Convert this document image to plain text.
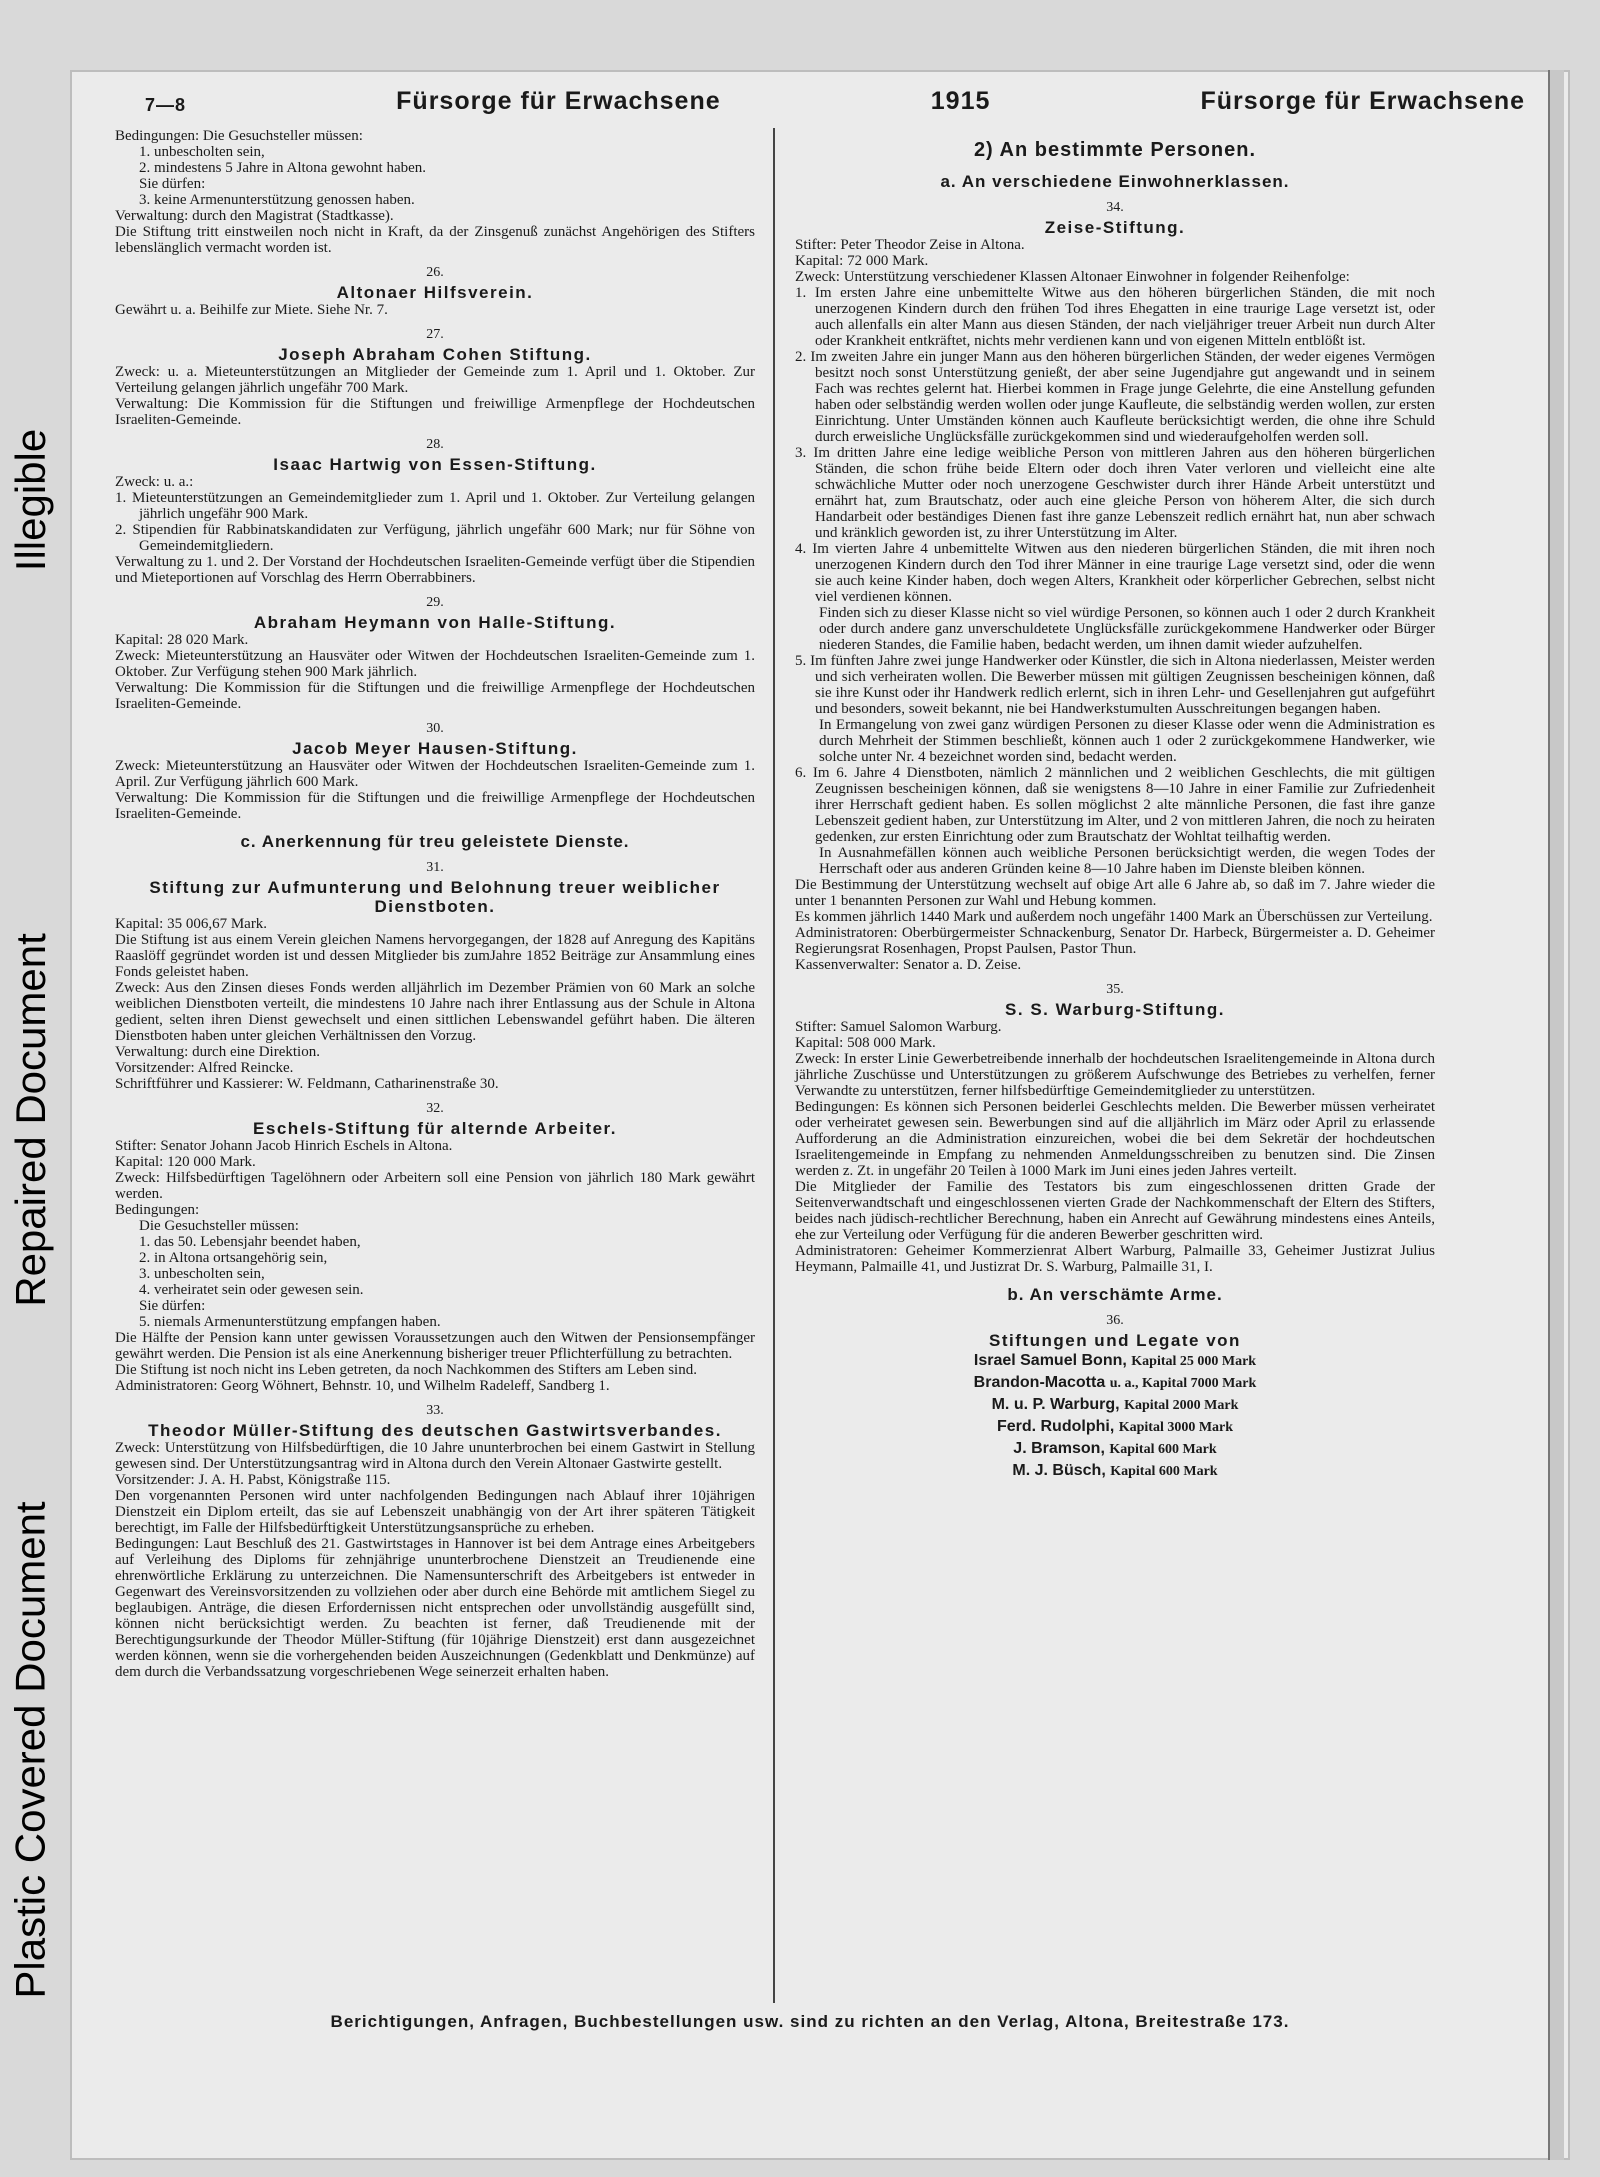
Plastic Covered Document
Repaired Document
Illegible
7—8	Fürsorge für Erwachsene	1915	Fürsorge für Erwachsene
Bedingungen: Die Gesuchsteller müssen:
1. unbescholten sein,
2. mindestens 5 Jahre in Altona gewohnt haben.
Sie dürfen:
3. keine Armenunterstützung genossen haben.
Verwaltung: durch den Magistrat (Stadtkasse).
Die Stiftung tritt einstweilen noch nicht in Kraft, da der Zinsgenuß zunächst Angehörigen des Stifters lebenslänglich vermacht worden ist.
26.
Altonaer Hilfsverein.
Gewährt u. a. Beihilfe zur Miete. Siehe Nr. 7.
27.
Joseph Abraham Cohen Stiftung.
Zweck: u. a. Mieteunterstützungen an Mitglieder der Gemeinde zum 1. April und 1. Oktober. Zur Verteilung gelangen jährlich ungefähr 700 Mark.
Verwaltung: Die Kommission für die Stiftungen und freiwillige Armenpflege der Hochdeutschen Israeliten-Gemeinde.
28.
Isaac Hartwig von Essen-Stiftung.
Zweck: u. a.:
1. Mieteunterstützungen an Gemeindemitglieder zum 1. April und 1. Oktober. Zur Verteilung gelangen jährlich ungefähr 900 Mark.
2. Stipendien für Rabbinatskandidaten zur Verfügung, jährlich ungefähr 600 Mark; nur für Söhne von Gemeindemitgliedern.
Verwaltung zu 1. und 2. Der Vorstand der Hochdeutschen Israeliten-Gemeinde verfügt über die Stipendien und Mieteportionen auf Vorschlag des Herrn Oberrabbiners.
29.
Abraham Heymann von Halle-Stiftung.
Kapital: 28 020 Mark.
Zweck: Mieteunterstützung an Hausväter oder Witwen der Hochdeutschen Israeliten-Gemeinde zum 1. Oktober. Zur Verfügung stehen 900 Mark jährlich.
Verwaltung: Die Kommission für die Stiftungen und die freiwillige Armenpflege der Hochdeutschen Israeliten-Gemeinde.
30.
Jacob Meyer Hausen-Stiftung.
Zweck: Mieteunterstützung an Hausväter oder Witwen der Hochdeutschen Israeliten-Gemeinde zum 1. April. Zur Verfügung jährlich 600 Mark.
Verwaltung: Die Kommission für die Stiftungen und die freiwillige Armenpflege der Hochdeutschen Israeliten-Gemeinde.
c. Anerkennung für treu geleistete Dienste.
31.
Stiftung zur Aufmunterung und Belohnung treuer weiblicher Dienstboten.
Kapital: 35 006,67 Mark.
Die Stiftung ist aus einem Verein gleichen Namens hervorgegangen, der 1828 auf Anregung des Kapitäns Raaslöff gegründet worden ist und dessen Mitglieder bis zumJahre 1852 Beiträge zur Ansammlung eines Fonds geleistet haben.
Zweck: Aus den Zinsen dieses Fonds werden alljährlich im Dezember Prämien von 60 Mark an solche weiblichen Dienstboten verteilt, die mindestens 10 Jahre nach ihrer Entlassung aus der Schule in Altona gedient, selten ihren Dienst gewechselt und einen sittlichen Lebenswandel geführt haben. Die älteren Dienstboten haben unter gleichen Verhältnissen den Vorzug.
Verwaltung: durch eine Direktion.
Vorsitzender: Alfred Reincke.
Schriftführer und Kassierer: W. Feldmann, Catharinenstraße 30.
32.
Eschels-Stiftung für alternde Arbeiter.
Stifter: Senator Johann Jacob Hinrich Eschels in Altona.
Kapital: 120 000 Mark.
Zweck: Hilfsbedürftigen Tagelöhnern oder Arbeitern soll eine Pension von jährlich 180 Mark gewährt werden.
Bedingungen:
Die Gesuchsteller müssen:
1. das 50. Lebensjahr beendet haben,
2. in Altona ortsangehörig sein,
3. unbescholten sein,
4. verheiratet sein oder gewesen sein.
Sie dürfen:
5. niemals Armenunterstützung empfangen haben.
Die Hälfte der Pension kann unter gewissen Voraussetzungen auch den Witwen der Pensionsempfänger gewährt werden. Die Pension ist als eine Anerkennung bisheriger treuer Pflichterfüllung zu betrachten.
Die Stiftung ist noch nicht ins Leben getreten, da noch Nachkommen des Stifters am Leben sind.
Administratoren: Georg Wöhnert, Behnstr. 10, und Wilhelm Radeleff, Sandberg 1.
33.
Theodor Müller-Stiftung des deutschen Gastwirtsverbandes.
Zweck: Unterstützung von Hilfsbedürftigen, die 10 Jahre ununterbrochen bei einem Gastwirt in Stellung gewesen sind. Der Unterstützungsantrag wird in Altona durch den Verein Altonaer Gastwirte gestellt.
Vorsitzender: J. A. H. Pabst, Königstraße 115.
Den vorgenannten Personen wird unter nachfolgenden Bedingungen nach Ablauf ihrer 10jährigen Dienstzeit ein Diplom erteilt, das sie auf Lebenszeit unabhängig von der Art ihrer späteren Tätigkeit berechtigt, im Falle der Hilfsbedürftigkeit Unterstützungsansprüche zu erheben.
Bedingungen: Laut Beschluß des 21. Gastwirtstages in Hannover ist bei dem Antrage eines Arbeitgebers auf Verleihung des Diploms für zehnjährige ununterbrochene Dienstzeit an Treudienende eine ehrenwörtliche Erklärung zu unterzeichnen. Die Namensunterschrift des Arbeitgebers ist entweder in Gegenwart des Vereinsvorsitzenden zu vollziehen oder aber durch eine Behörde mit amtlichem Siegel zu beglaubigen. Anträge, die diesen Erfordernissen nicht entsprechen oder unvollständig ausgefüllt sind, können nicht berücksichtigt werden. Zu beachten ist ferner, daß Treudienende mit der Berechtigungsurkunde der Theodor Müller-Stiftung (für 10jährige Dienstzeit) erst dann ausgezeichnet werden können, wenn sie die vorhergehenden beiden Auszeichnungen (Gedenkblatt und Denkmünze) auf dem durch die Verbandssatzung vorgeschriebenen Wege seinerzeit erhalten haben.
2) An bestimmte Personen.
a. An verschiedene Einwohnerklassen.
34.
Zeise-Stiftung.
Stifter: Peter Theodor Zeise in Altona.
Kapital: 72 000 Mark.
Zweck: Unterstützung verschiedener Klassen Altonaer Einwohner in folgender Reihenfolge:
1. Im ersten Jahre eine unbemittelte Witwe aus den höheren bürgerlichen Ständen, die mit noch unerzogenen Kindern durch den frühen Tod ihres Ehegatten in eine traurige Lage versetzt ist, oder auch allenfalls ein alter Mann aus diesen Ständen, der nach vieljähriger treuer Arbeit nun durch Alter oder Krankheit entkräftet, nichts mehr verdienen kann und von eigenen Mitteln entblößt ist.
2. Im zweiten Jahre ein junger Mann aus den höheren bürgerlichen Ständen, der weder eigenes Vermögen besitzt noch sonst Unterstützung genießt, der aber seine Jugendjahre gut angewandt und in seinem Fach was rechtes gelernt hat. Hierbei kommen in Frage junge Gelehrte, die eine Anstellung gefunden haben oder selbständig werden wollen oder junge Kaufleute, die selbständig werden wollen, zur ersten Einrichtung. Unter Umständen können auch Kaufleute berücksichtigt werden, die ohne ihre Schuld durch erweisliche Unglücksfälle zurückgekommen sind und wiederaufgeholfen werden soll.
3. Im dritten Jahre eine ledige weibliche Person von mittleren Jahren aus den höheren bürgerlichen Ständen, die schon frühe beide Eltern oder doch ihren Vater verloren und vielleicht eine alte schwächliche Mutter oder noch unerzogene Geschwister durch ihrer Hände Arbeit unterstützt und ernährt hat, zum Brautschatz, oder auch eine gleiche Person von höherem Alter, die sich durch Handarbeit oder beständiges Dienen fast ihre ganze Lebenszeit redlich ernährt hat, nun aber schwach und kränklich geworden ist, zu ihrer Unterstützung im Alter.
4. Im vierten Jahre 4 unbemittelte Witwen aus den niederen bürgerlichen Ständen, die mit ihren noch unerzogenen Kindern durch den Tod ihrer Männer in eine traurige Lage versetzt sind, oder die wenn sie auch keine Kinder haben, doch wegen Alters, Krankheit oder körperlicher Gebrechen, selbst nicht viel verdienen können.
Finden sich zu dieser Klasse nicht so viel würdige Personen, so können auch 1 oder 2 durch Krankheit oder durch andere ganz unverschuldetete Unglücksfälle zurückgekommene Handwerker oder Bürger niederen Standes, die Familie haben, bedacht werden, um ihnen damit wieder aufzuhelfen.
5. Im fünften Jahre zwei junge Handwerker oder Künstler, die sich in Altona niederlassen, Meister werden und sich verheiraten wollen. Die Bewerber müssen mit gültigen Zeugnissen bescheinigen können, daß sie ihre Kunst oder ihr Handwerk redlich erlernt, sich in ihren Lehr- und Gesellenjahren gut aufgeführt und besonders, soweit bekannt, nie bei Handwerkstumulten Ausschreitungen begangen haben.
In Ermangelung von zwei ganz würdigen Personen zu dieser Klasse oder wenn die Administration es durch Mehrheit der Stimmen beschließt, können auch 1 oder 2 zurückgekommene Handwerker, wie solche unter Nr. 4 bezeichnet worden sind, bedacht werden.
6. Im 6. Jahre 4 Dienstboten, nämlich 2 männlichen und 2 weiblichen Geschlechts, die mit gültigen Zeugnissen bescheinigen können, daß sie wenigstens 8—10 Jahre in einer Familie zur Zufriedenheit ihrer Herrschaft gedient haben. Es sollen möglichst 2 alte männliche Personen, die fast ihre ganze Lebenszeit gedient haben, zur Unterstützung im Alter, und 2 von mittleren Jahren, die noch zu heiraten gedenken, zur ersten Einrichtung oder zum Brautschatz der Wohltat teilhaftig werden.
In Ausnahmefällen können auch weibliche Personen berücksichtigt werden, die wegen Todes der Herrschaft oder aus anderen Gründen keine 8—10 Jahre haben im Dienste bleiben können.
Die Bestimmung der Unterstützung wechselt auf obige Art alle 6 Jahre ab, so daß im 7. Jahre wieder die unter 1 benannten Personen zur Wahl und Hebung kommen.
Es kommen jährlich 1440 Mark und außerdem noch ungefähr 1400 Mark an Überschüssen zur Verteilung.
Administratoren: Oberbürgermeister Schnackenburg, Senator Dr. Harbeck, Bürgermeister a. D. Geheimer Regierungsrat Rosenhagen, Propst Paulsen, Pastor Thun.
Kassenverwalter: Senator a. D. Zeise.
35.
S. S. Warburg-Stiftung.
Stifter: Samuel Salomon Warburg.
Kapital: 508 000 Mark.
Zweck: In erster Linie Gewerbetreibende innerhalb der hochdeutschen Israelitengemeinde in Altona durch jährliche Zuschüsse und Unterstützungen zu größerem Aufschwunge des Betriebes zu verhelfen, ferner Verwandte zu unterstützen, ferner hilfsbedürftige Gemeindemitglieder zu unterstützen.
Bedingungen: Es können sich Personen beiderlei Geschlechts melden. Die Bewerber müssen verheiratet oder verheiratet gewesen sein. Bewerbungen sind auf die alljährlich im März oder April zu erlassende Aufforderung an die Administration einzureichen, wobei die bei dem Sekretär der hochdeutschen Israelitengemeinde in Empfang zu nehmenden Anmeldungsschreiben zu benutzen sind. Die Zinsen werden z. Zt. in ungefähr 20 Teilen à 1000 Mark im Juni eines jeden Jahres verteilt.
Die Mitglieder der Familie des Testators bis zum eingeschlossenen dritten Grade der Seitenverwandtschaft und eingeschlossenen vierten Grade der Nachkommenschaft der Eltern des Stifters, beides nach jüdisch-rechtlicher Berechnung, haben ein Anrecht auf Gewährung mindestens eines Anteils, ehe zur Verteilung oder Verfügung für die anderen Bewerber geschritten wird.
Administratoren: Geheimer Kommerzienrat Albert Warburg, Palmaille 33, Geheimer Justizrat Julius Heymann, Palmaille 41, und Justizrat Dr. S. Warburg, Palmaille 31, I.
b. An verschämte Arme.
36.
Stiftungen und Legate von
Israel Samuel Bonn, Kapital 25 000 Mark
Brandon-Macotta u. a., Kapital 7000 Mark
M. u. P. Warburg, Kapital 2000 Mark
Ferd. Rudolphi, Kapital 3000 Mark
J. Bramson, Kapital 600 Mark
M. J. Büsch, Kapital 600 Mark
Berichtigungen, Anfragen, Buchbestellungen usw. sind zu richten an den Verlag, Altona, Breitestraße 173.
